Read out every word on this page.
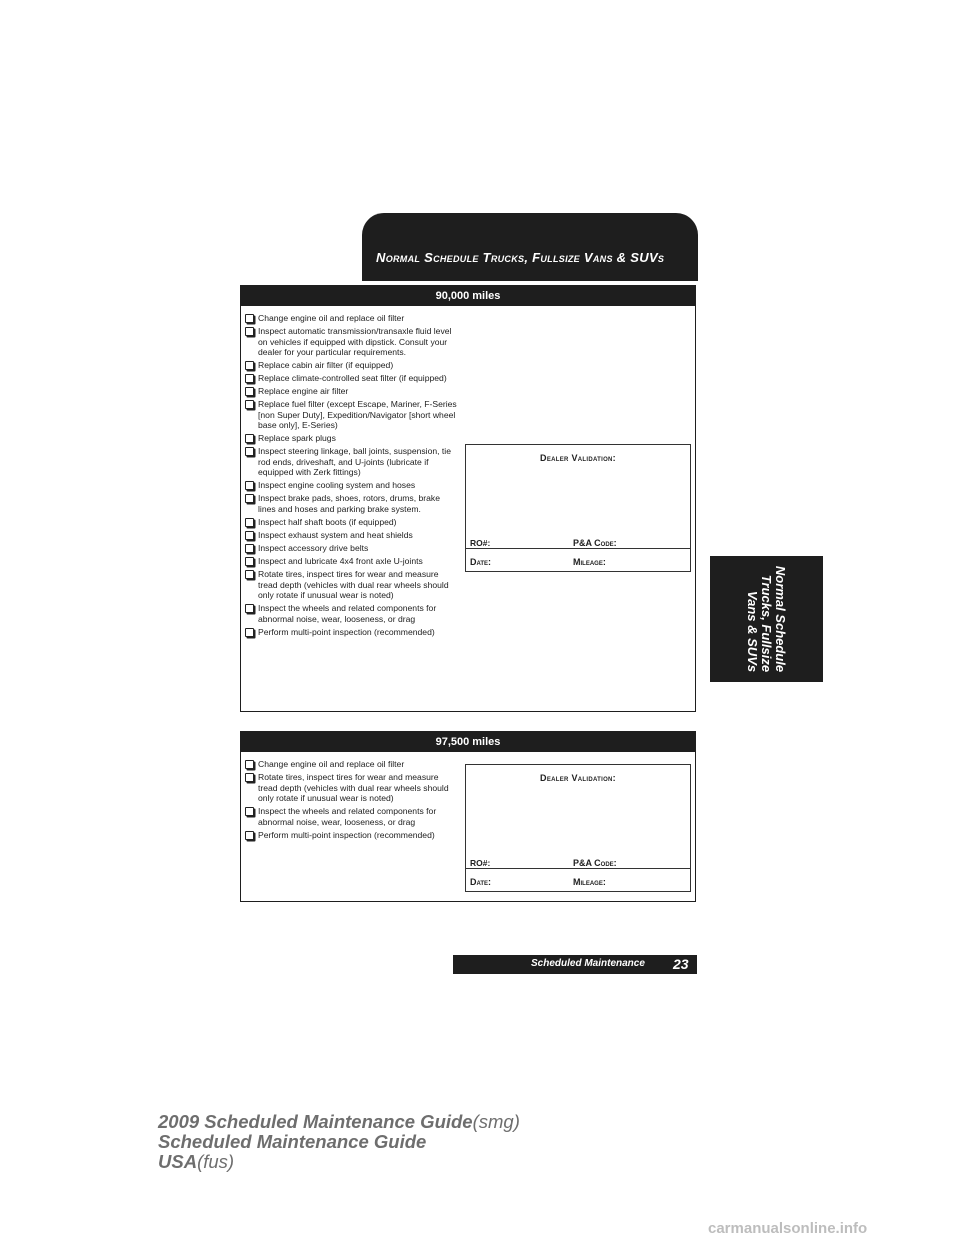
Normal Schedule Trucks, Fullsize Vans & SUVs
Normal Schedule
Trucks, Fullsize
Vans & SUVs
90,000 miles
Change engine oil and replace oil filter
Inspect automatic transmission/transaxle fluid level on vehicles if equipped with dipstick. Consult your dealer for your particular requirements.
Replace cabin air filter (if equipped)
Replace climate-controlled seat filter (if equipped)
Replace engine air filter
Replace fuel filter (except Escape, Mariner, F-Series [non Super Duty], Expedition/Navigator [short wheel base only], E-Series)
Replace spark plugs
Inspect steering linkage, ball joints, suspension, tie rod ends, driveshaft, and U-joints (lubricate if equipped with Zerk fittings)
Inspect engine cooling system and hoses
Inspect brake pads, shoes, rotors, drums, brake lines and hoses and parking brake system.
Inspect half shaft boots (if equipped)
Inspect exhaust system and heat shields
Inspect accessory drive belts
Inspect and lubricate 4x4 front axle U-joints
Rotate tires, inspect tires for wear and measure tread depth (vehicles with dual rear wheels should only rotate if unusual wear is noted)
Inspect the wheels and related components for abnormal noise, wear, looseness, or drag
Perform multi-point inspection (recommended)
Dealer Validation:
RO#:	P&A Code:
Date:	Mileage:
97,500 miles
Change engine oil and replace oil filter
Rotate tires, inspect tires for wear and measure tread depth (vehicles with dual rear wheels should only rotate if unusual wear is noted)
Inspect the wheels and related components for abnormal noise, wear, looseness, or drag
Perform multi-point inspection (recommended)
Dealer Validation:
RO#:	P&A Code:
Date:	Mileage:
Scheduled Maintenance 23
2009 Scheduled Maintenance Guide(smg)
Scheduled Maintenance Guide
USA(fus)
carmanualsonline.info
